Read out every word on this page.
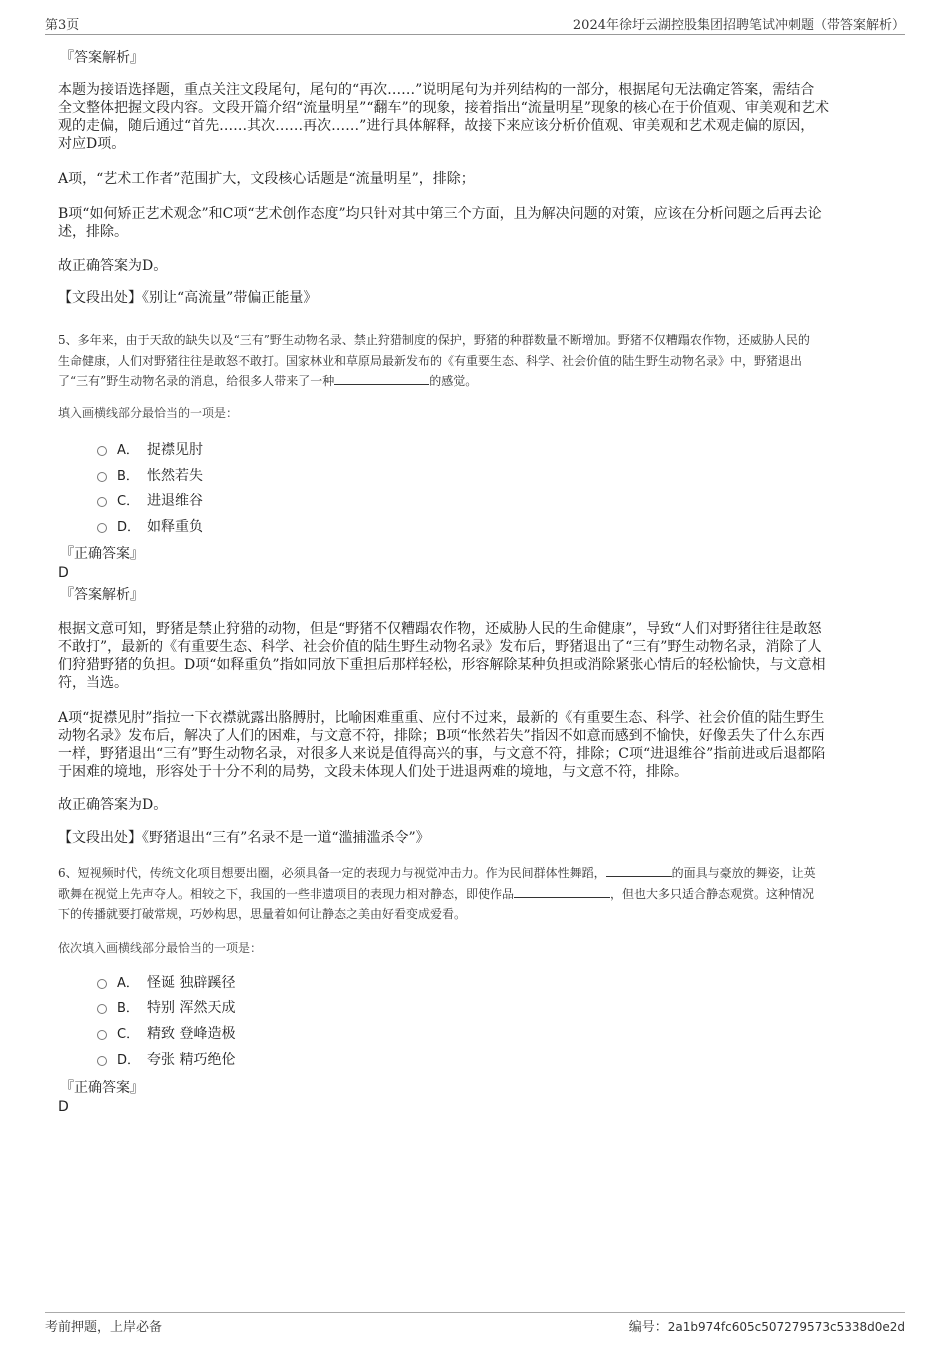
第3页	2024年徐圩云湖控股集团招聘笔试冲刺题（带答案解析）
『答案解析』
本题为接语选择题，重点关注文段尾句，尾句的“再次……”说明尾句为并列结构的一部分，根据尾句无法确定答案，需结合
全文整体把握文段内容。文段开篇介绍“流量明星”“翻车”的现象，接着指出“流量明星”现象的核心在于价值观、审美观和艺术
观的走偏，随后通过“首先……其次……再次……”进行具体解释，故接下来应该分析价值观、审美观和艺术观走偏的原因，
对应D项。
A项，“艺术工作者”范围扩大，文段核心话题是“流量明星”，排除；
B项“如何矫正艺术观念”和C项“艺术创作态度”均只针对其中第三个方面，且为解决问题的对策，应该在分析问题之后再去论
述，排除。
故正确答案为D。
【文段出处】《别让“高流量”带偏正能量》
5、多年来，由于天敌的缺失以及“三有”野生动物名录、禁止狩猎制度的保护，野猪的种群数量不断增加。野猪不仅糟蹋农作物，还威胁人民的
生命健康，人们对野猪往往是敢怒不敢打。国家林业和草原局最新发布的《有重要生态、科学、社会价值的陆生野生动物名录》中，野猪退出
了“三有”野生动物名录的消息，给很多人带来了一种	的感觉。
填入画横线部分最恰当的一项是：
A． 捉襟见肘
B． 怅然若失
C． 进退维谷
D． 如释重负
『正确答案』
D
『答案解析』
根据文意可知，野猪是禁止狩猎的动物，但是“野猪不仅糟蹋农作物，还威胁人民的生命健康”，导致“人们对野猪往往是敢怒
不敢打”，最新的《有重要生态、科学、社会价值的陆生野生动物名录》发布后，野猪退出了“三有”野生动物名录，消除了人
们狩猎野猪的负担。D项“如释重负”指如同放下重担后那样轻松，形容解除某种负担或消除紧张心情后的轻松愉快，与文意相
符，当选。
A项“捉襟见肘”指拉一下衣襟就露出胳膊肘，比喻困难重重、应付不过来，最新的《有重要生态、科学、社会价值的陆生野生
动物名录》发布后，解决了人们的困难，与文意不符，排除；B项“怅然若失”指因不如意而感到不愉快，好像丢失了什么东西
一样，野猪退出“三有”野生动物名录，对很多人来说是值得高兴的事，与文意不符，排除；C项“进退维谷”指前进或后退都陷
于困难的境地，形容处于十分不利的局势，文段未体现人们处于进退两难的境地，与文意不符，排除。
故正确答案为D。
【文段出处】《野猪退出“三有”名录不是一道“滥捕滥杀令”》
6、短视频时代，传统文化项目想要出圈，必须具备一定的表现力与视觉冲击力。作为民间群体性舞蹈，	的面具与豪放的舞姿，让英
歌舞在视觉上先声夺人。相较之下，我国的一些非遗项目的表现力相对静态，即使作品	，但也大多只适合静态观赏。这种情况
下的传播就要打破常规，巧妙构思，思量着如何让静态之美由好看变成爱看。
依次填入画横线部分最恰当的一项是：
A． 怪诞 独辟蹊径
B． 特别 浑然天成
C． 精致 登峰造极
D． 夸张 精巧绝伦
『正确答案』
D
考前押题，上岸必备	编号：2a1b974fc605c507279573c5338d0e2d
